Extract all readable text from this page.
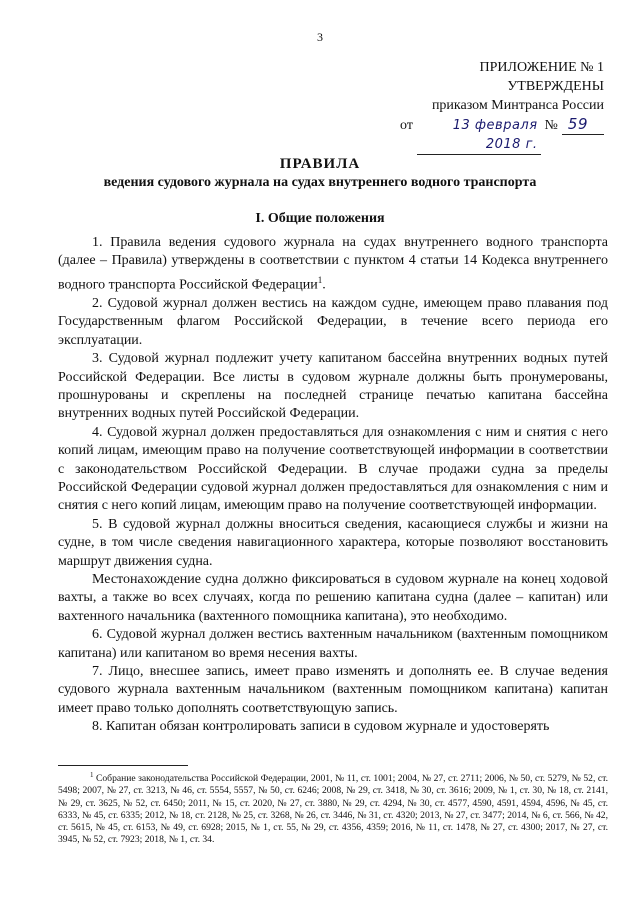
3
ПРИЛОЖЕНИЕ № 1
УТВЕРЖДЕНЫ
приказом Минтранса России
от	13 февраля 2018 г.
№ 59
ПРАВИЛА
ведения судового журнала на судах внутреннего водного транспорта
I. Общие положения

1. Правила ведения судового журнала на судах внутреннего водного транспорта (далее – Правила) утверждены в соответствии с пунктом 4 статьи 14 Кодекса внутреннего водного транспорта Российской Федерации$^1$.

2. Судовой журнал должен вестись на каждом судне, имеющем право плавания под Государственным флагом Российской Федерации, в течение всего периода его эксплуатации.

3. Судовой журнал подлежит учету капитаном бассейна внутренних водных путей Российской Федерации. Все листы в судовом журнале должны быть пронумерованы, прошнурованы и скреплены на последней странице печатью капитана бассейна внутренних водных путей Российской Федерации.

4. Судовой журнал должен предоставляться для ознакомления с ним и снятия с него копий лицам, имеющим право на получение соответствующей информации в соответствии с законодательством Российской Федерации. В случае продажи судна за пределы Российской Федерации судовой журнал должен предоставляться для ознакомления с ним и снятия с него копий лицам, имеющим право на получение соответствующей информации.

5. В судовой журнал должны вноситься сведения, касающиеся службы и жизни на судне, в том числе сведения навигационного характера, которые позволяют восстановить маршрут движения судна.

Местонахождение судна должно фиксироваться в судовом журнале на конец ходовой вахты, а также во всех случаях, когда по решению капитана судна (далее – капитан) или вахтенного начальника (вахтенного помощника капитана), это необходимо.

6. Судовой журнал должен вестись вахтенным начальником (вахтенным помощником капитана) или капитаном во время несения вахты.

7. Лицо, внесшее запись, имеет право изменять и дополнять ее. В случае ведения судового журнала вахтенным начальником (вахтенным помощником капитана) капитан имеет право только дополнять соответствующую запись.

8. Капитан обязан контролировать записи в судовом журнале и удостоверять

$^1$ Собрание законодательства Российской Федерации, 2001, № 11, ст. 1001; 2004, № 27, ст. 2711; 2006, № 50, ст. 5279, № 52, ст. 5498; 2007, № 27, ст. 3213, № 46, ст. 5554, 5557, № 50, ст. 6246; 2008, № 29, ст. 3418, № 30, ст. 3616; 2009, № 1, ст. 30, № 18, ст. 2141, № 29, ст. 3625, № 52, ст. 6450; 2011, № 15, ст. 2020, № 27, ст. 3880, № 29, ст. 4294, № 30, ст. 4577, 4590, 4591, 4594, 4596, № 45, ст. 6333, № 45, ст. 6335; 2012, № 18, ст. 2128, № 25, ст. 3268, № 26, ст. 3446, № 31, ст. 4320; 2013, № 27, ст. 3477; 2014, № 6, ст. 566, № 42, ст. 5615, № 45, ст. 6153, № 49, ст. 6928; 2015, № 1, ст. 55, № 29, ст. 4356, 4359; 2016, № 11, ст. 1478, № 27, ст. 4300; 2017, № 27, ст. 3945, № 52, ст. 7923; 2018, № 1, ст. 34.
